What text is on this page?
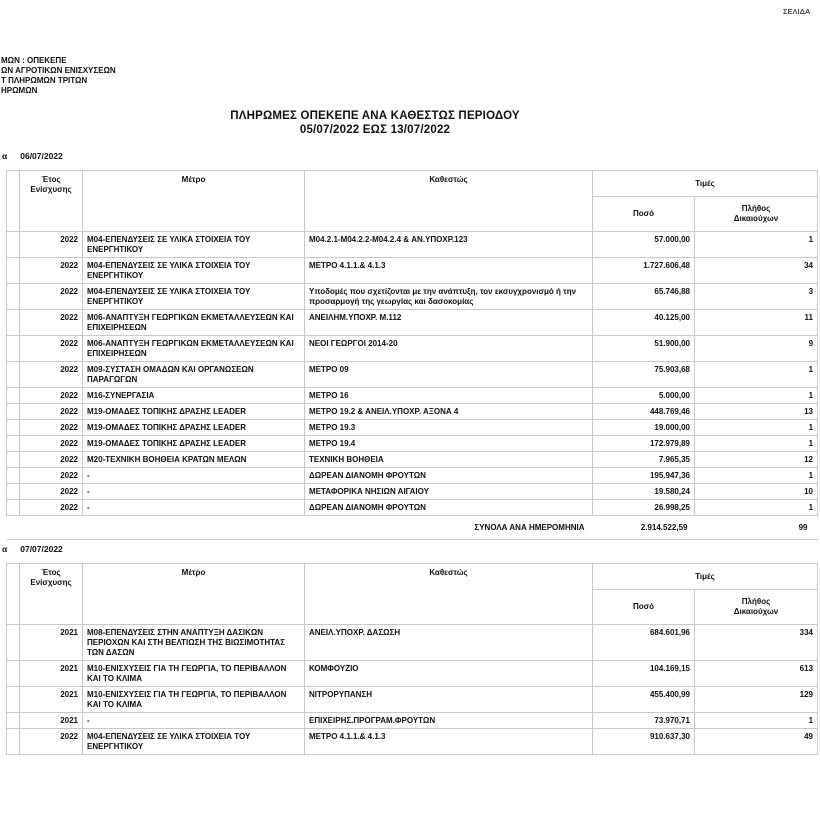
ΣΕΛΙΔΑ
ΜΩΝ : ΟΠΕΚΕΠΕ
ΩΝ ΑΓΡΟΤΙΚΩΝ ΕΝΙΣΧΥΣΕΩΝ
Τ ΠΛΗΡΩΜΩΝ ΤΡΙΤΩΝ
ΗΡΩΜΩΝ
ΠΛΗΡΩΜΕΣ ΟΠΕΚΕΠΕ ΑΝΑ ΚΑΘΕΣΤΩΣ ΠΕΡΙΟΔΟΥ
05/07/2022 ΕΩΣ 13/07/2022
α 06/07/2022
	Έτος Ενίσχυσης	Μέτρο	Καθεστώς	Τιμές	
				Ποσό	Πλήθος Δικαιούχων

	2022	M04-ΕΠΕΝΔΥΣΕΙΣ ΣΕ ΥΛΙΚΑ ΣΤΟΙΧΕΙΑ ΤΟΥ ΕΝΕΡΓΗΤΙΚΟΥ	M04.2.1-M04.2.2-M04.2.4 & ΑΝ.ΥΠΟΧΡ.123	57.000,00	1
	2022	M04-ΕΠΕΝΔΥΣΕΙΣ ΣΕ ΥΛΙΚΑ ΣΤΟΙΧΕΙΑ ΤΟΥ ΕΝΕΡΓΗΤΙΚΟΥ	ΜΕΤΡΟ 4.1.1.& 4.1.3	1.727.606,48	34
	2022	M04-ΕΠΕΝΔΥΣΕΙΣ ΣΕ ΥΛΙΚΑ ΣΤΟΙΧΕΙΑ ΤΟΥ ΕΝΕΡΓΗΤΙΚΟΥ	Υποδομές που σχετίζονται με την ανάπτυξη, τον εκσυγχρονισμό ή την προσαρμογή της γεωργίας και δασοκομίας	65.746,88	3
	2022	M06-ΑΝΑΠΤΥΞΗ ΓΕΩΡΓΙΚΩΝ ΕΚΜΕΤΑΛΛΕΥΣΕΩΝ ΚΑΙ ΕΠΙΧΕΙΡΗΣΕΩΝ	ΑΝΕΙΛΗΜ.ΥΠΟΧΡ. Μ.112	40.125,00	11
	2022	M06-ΑΝΑΠΤΥΞΗ ΓΕΩΡΓΙΚΩΝ ΕΚΜΕΤΑΛΛΕΥΣΕΩΝ ΚΑΙ ΕΠΙΧΕΙΡΗΣΕΩΝ	ΝΕΟΙ ΓΕΩΡΓΟΙ 2014-20	51.900,00	9
	2022	M09-ΣΥΣΤΑΣΗ ΟΜΑΔΩΝ ΚΑΙ ΟΡΓΑΝΩΣΕΩΝ ΠΑΡΑΓΩΓΩΝ	ΜΕΤΡΟ 09	75.903,68	1
	2022	M16-ΣΥΝΕΡΓΑΣΙΑ	ΜΕΤΡΟ 16	5.000,00	1
	2022	M19-ΟΜΑΔΕΣ ΤΟΠΙΚΗΣ ΔΡΑΣΗΣ LEADER	ΜΕΤΡΟ 19.2 & ΑΝΕΙΛ.ΥΠΟΧΡ. ΑΞΟΝΑ 4	448.769,46	13
	2022	M19-ΟΜΑΔΕΣ ΤΟΠΙΚΗΣ ΔΡΑΣΗΣ LEADER	ΜΕΤΡΟ 19.3	19.000,00	1
	2022	M19-ΟΜΑΔΕΣ ΤΟΠΙΚΗΣ ΔΡΑΣΗΣ LEADER	ΜΕΤΡΟ 19.4	172.979,89	1
	2022	M20-ΤΕΧΝΙΚΗ ΒΟΗΘΕΙΑ ΚΡΑΤΩΝ ΜΕΛΩΝ	ΤΕΧΝΙΚΗ ΒΟΗΘΕΙΑ	7.965,35	12
	2022	-	ΔΩΡΕΑΝ ΔΙΑΝΟΜΗ ΦΡΟΥΤΩΝ	195.947,36	1
	2022	-	ΜΕΤΑΦΟΡΙΚΑ ΝΗΣΙΩΝ ΑΙΓΑΙΟΥ	19.580,24	10
	2022	-	ΔΩΡΕΑΝ ΔΙΑΝΟΜΗ ΦΡΟΥΤΩΝ	26.998,25	1
ΣΥΝΟΛΑ ΑΝΑ ΗΜΕΡΟΜΗΝΙΑ				2.914.522,59	99
α 07/07/2022
	Έτος Ενίσχυσης	Μέτρο	Καθεστώς	Τιμές	
				Ποσό	Πλήθος Δικαιούχων

	2021	M08-ΕΠΕΝΔΥΣΕΙΣ ΣΤΗΝ ΑΝΑΠΤΥΞΗ ΔΑΣΙΚΩΝ ΠΕΡΙΟΧΩΝ ΚΑΙ ΣΤΗ ΒΕΛΤΙΩΣΗ ΤΗΣ ΒΙΩΣΙΜΟΤΗΤΑΣ ΤΩΝ ΔΑΣΩΝ	ΑΝΕΙΛ.ΥΠΟΧΡ. ΔΑΣΩΣΗ	684.601,96	334
	2021	M10-ΕΝΙΣΧΥΣΕΙΣ ΓΙΑ ΤΗ ΓΕΩΡΓΙΑ, ΤΟ ΠΕΡΙΒΑΛΛΟΝ ΚΑΙ ΤΟ ΚΛΙΜΑ	ΚΟΜΦΟΥΖΙΟ	104.169,15	613
	2021	M10-ΕΝΙΣΧΥΣΕΙΣ ΓΙΑ ΤΗ ΓΕΩΡΓΙΑ, ΤΟ ΠΕΡΙΒΑΛΛΟΝ ΚΑΙ ΤΟ ΚΛΙΜΑ	ΝΙΤΡΟΡΥΠΑΝΣΗ	455.400,99	129
	2021	-	ΕΠΙΧΕΙΡΗΣ.ΠΡΟΓΡΑΜ.ΦΡΟΥΤΩΝ	73.970,71	1
	2022	M04-ΕΠΕΝΔΥΣΕΙΣ ΣΕ ΥΛΙΚΑ ΣΤΟΙΧΕΙΑ ΤΟΥ ΕΝΕΡΓΗΤΙΚΟΥ	ΜΕΤΡΟ 4.1.1.& 4.1.3	910.637,30	49
